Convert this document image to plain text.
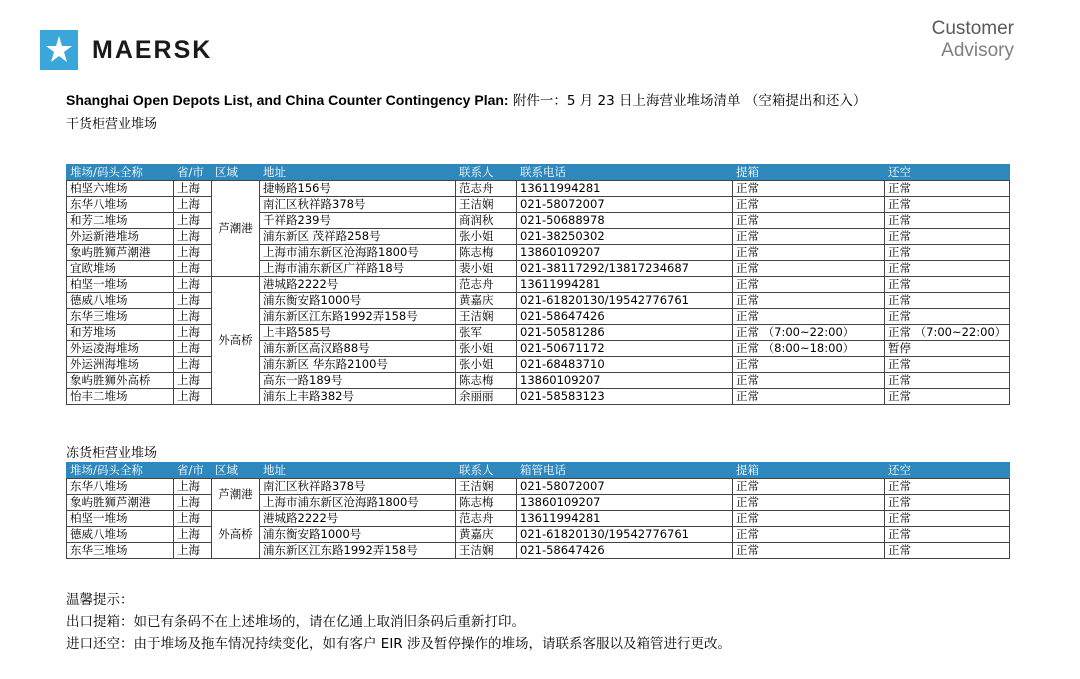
MAERSK
Customer
Advisory
Shanghai Open Depots List, and China Counter Contingency Plan: 附件一：5 月 23 日上海营业堆场清单 （空箱提出和还入）
干货柜营业堆场
堆场/码头全称	省/市	区域	地址	联系人	联系电话	提箱	还空
柏坚六堆场	上海	芦潮港	捷畅路156号	范志舟	13611994281	正常	正常
东华八堆场	上海		南汇区秋祥路378号	王洁娴	021-58072007	正常	正常
和芳二堆场	上海		千祥路239号	商润秋	021-50688978	正常	正常
外运新港堆场	上海		浦东新区 茂祥路258号	张小姐	021-38250302	正常	正常
象屿胜狮芦潮港	上海		上海市浦东新区沧海路1800号	陈志梅	13860109207	正常	正常
宜欧堆场	上海		上海市浦东新区广祥路18号	裴小姐	021-38117292/13817234687	正常	正常
柏坚一堆场	上海	外高桥	港城路2222号	范志舟	13611994281	正常	正常
德威八堆场	上海		浦东衡安路1000号	黄嘉庆	021-61820130/19542776761	正常	正常
东华三堆场	上海		浦东新区江东路1992弄158号	王洁娴	021-58647426	正常	正常
和芳堆场	上海		上丰路585号	张军	021-50581286	正常 （7:00~22:00）	正常 （7:00~22:00）
外运凌海堆场	上海		浦东新区高汉路88号	张小姐	021-50671172	正常 （8:00~18:00）	暂停
外运洲海堆场	上海		浦东新区 华东路2100号	张小姐	021-68483710	正常	正常
象屿胜狮外高桥	上海		高东一路189号	陈志梅	13860109207	正常	正常
怡丰二堆场	上海		浦东上丰路382号	余丽丽	021-58583123	正常	正常
冻货柜营业堆场
堆场/码头全称	省/市	区域	地址	联系人	箱管电话	提箱	还空
东华八堆场	上海	芦潮港	南汇区秋祥路378号	王洁娴	021-58072007	正常	正常
象屿胜狮芦潮港	上海		上海市浦东新区沧海路1800号	陈志梅	13860109207	正常	正常
柏坚一堆场	上海	外高桥	港城路2222号	范志舟	13611994281	正常	正常
德威八堆场	上海		浦东衡安路1000号	黄嘉庆	021-61820130/19542776761	正常	正常
东华三堆场	上海		浦东新区江东路1992弄158号	王洁娴	021-58647426	正常	正常
温馨提示：
出口提箱：如已有条码不在上述堆场的，请在亿通上取消旧条码后重新打印。
进口还空：由于堆场及拖车情况持续变化，如有客户 EIR 涉及暂停操作的堆场，请联系客服以及箱管进行更改。
